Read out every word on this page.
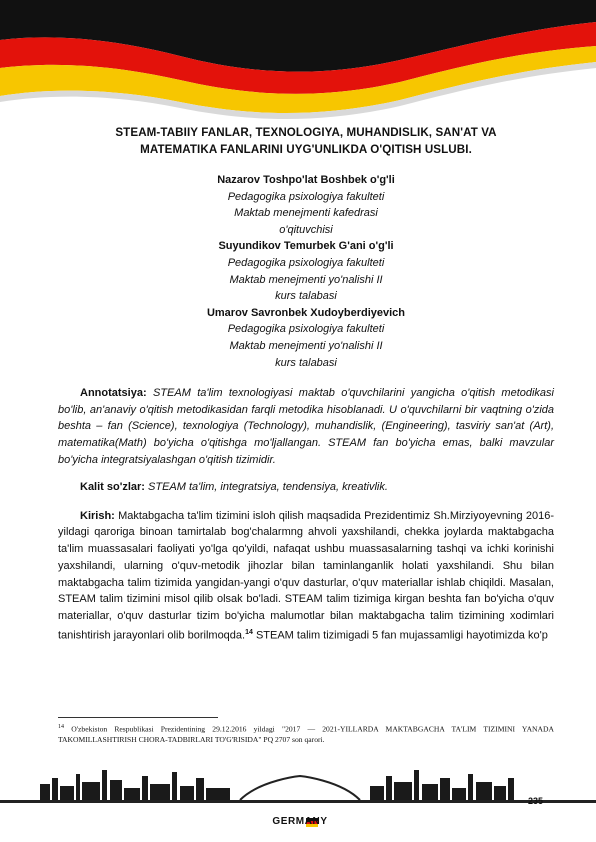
STEAM-TABIIY FANLAR, TEXNOLOGIYA, MUHANDISLIK, SAN'AT VA
MATEMATIKA FANLARINI UYG'UNLIKDA O'QITISH USLUBI.
Nazarov Toshpo'lat Boshbek o'g'li
Pedagogika psixologiya fakulteti
Maktab menejmenti kafedrasi
o'qituvchisi
Suyundikov Temurbek G'ani o'g'li
Pedagogika psixologiya fakulteti
Maktab menejmenti yo'nalishi II
kurs talabasi
Umarov Savronbek Xudoyberdiyevich
Pedagogika psixologiya fakulteti
Maktab menejmenti yo'nalishi II
kurs talabasi

Annotatsiya: STEAM ta'lim texnologiyasi maktab o'quvchilarini yangicha o'qitish metodikasi bo'lib, an'anaviy o'qitish metodikasidan farqli metodika hisoblanadi. U o'quvchilarni bir vaqtning o'zida beshta – fan (Science), texnologiya (Technology), muhandislik, (Engineering), tasviriy san'at (Art), matematika(Math) bo'yicha o'qitishga mo'ljallangan. STEAM fan bo'yicha emas, balki mavzular bo'yicha integratsiyalashgan o'qitish tizimidir.

Kalit so'zlar: STEAM ta'lim, integratsiya, tendensiya, kreativlik.

Kirish: Maktabgacha ta'lim tizimini isloh qilish maqsadida Prezidentimiz Sh.Mirziyoyevning 2016-yildagi qaroriga binoan tamirtalab bog'chalarmng ahvoli yaxshilandi, chekka joylarda maktabgacha ta'lim muassasalari faoliyati yo'lga qo'yildi, nafaqat ushbu muassasalarning tashqi va ichki korinishi yaxshilandi, ularning o'quv-metodik jihozlar bilan taminlanganlik holati yaxshilandi. Shu bilan maktabgacha talim tizimida yangidan-yangi o'quv dasturlar, o'quv materiallar ishlab chiqildi. Masalan, STEAM talim tizimini misol qilib olsak bo'ladi. STEAM talim tizimiga kirgan beshta fan bo'yicha o'quv materiallar, o'quv dasturlar tizim bo'yicha malumotlar bilan maktabgacha talim tizimining xodimlari tanishtirish jarayonlari olib borilmoqda.$^{14}$ STEAM talim tizimigadi 5 fan mujassamligi hayotimizda ko'p

$^{14}$ O'zbekiston Respublikasi Prezidentining 29.12.2016 yildagi "2017 — 2021-YILLARDA MAKTABGACHA TA'LIM TIZIMINI YANADA TAKOMILLASHTIRISH CHORA-TADBIRLARI TO'G'RISIDA" PQ 2707 son qarori.
235
GERMANY
